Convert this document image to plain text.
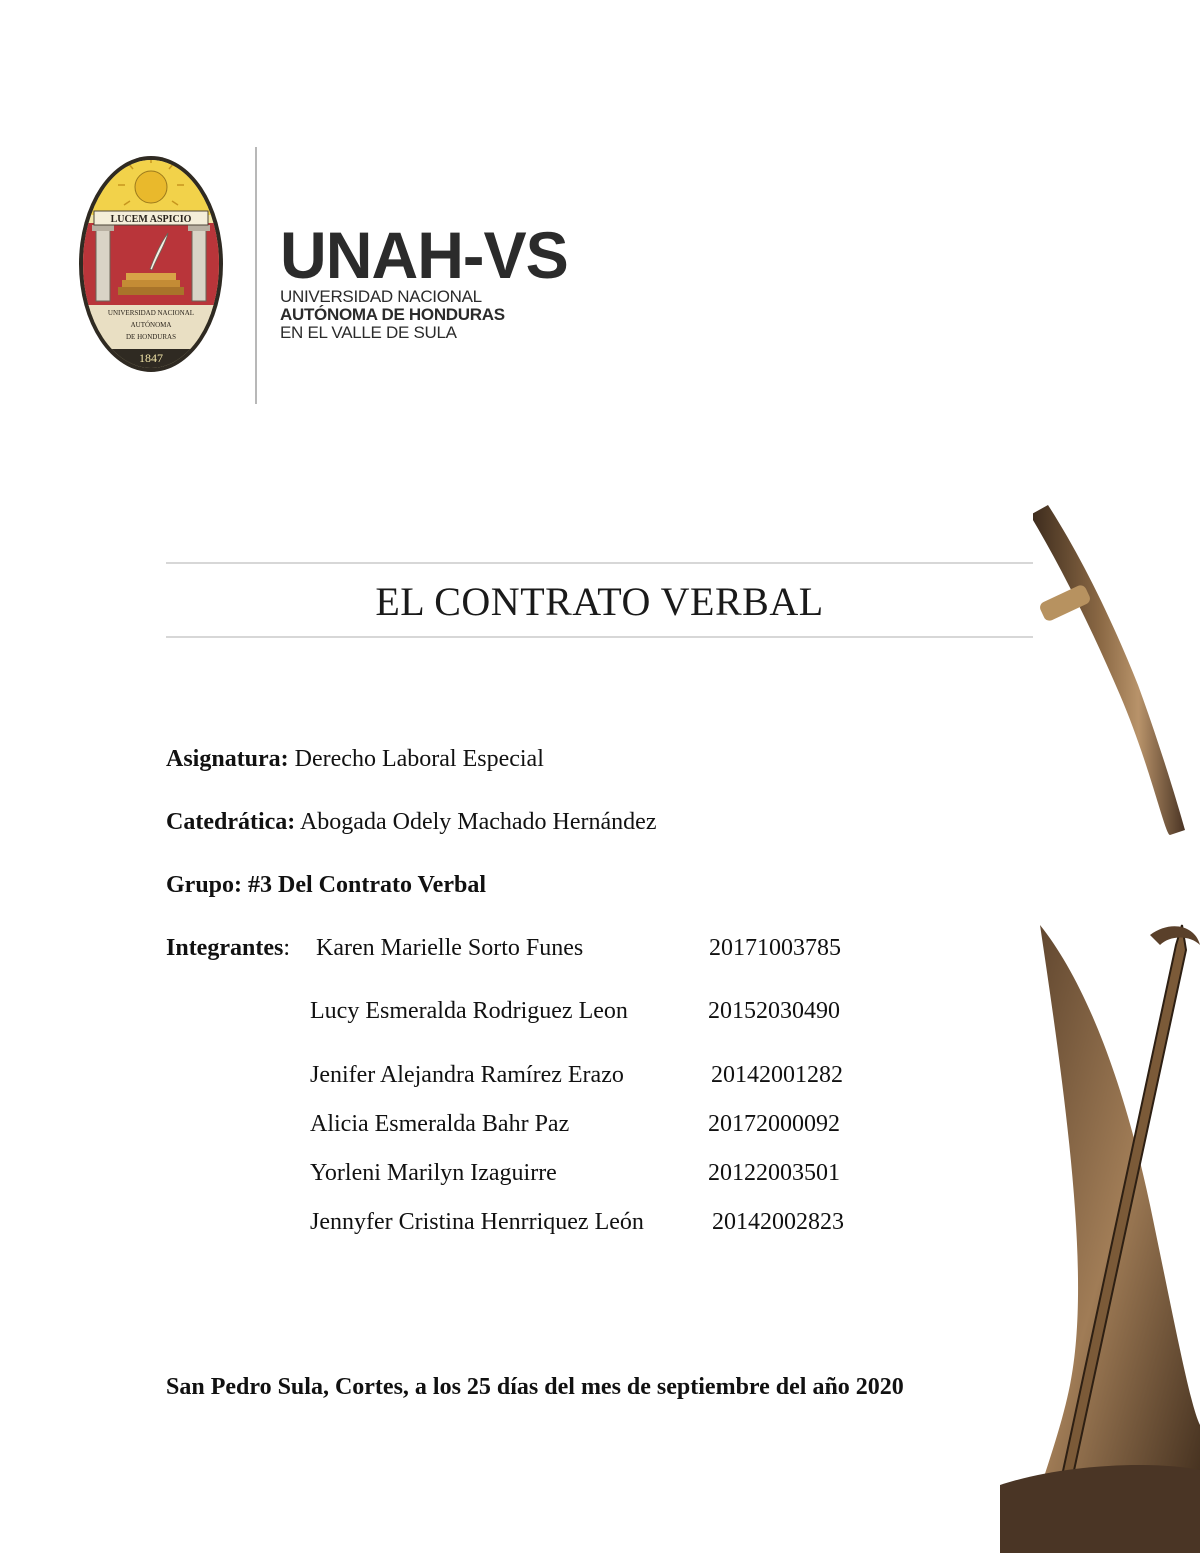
LUCEM ASPICIO
UNIVERSIDAD NACIONAL
AUTÓNOMA
DE HONDURAS
1847
UNAH-VS
UNIVERSIDAD NACIONAL
AUTÓNOMA DE HONDURAS
EN EL VALLE DE SULA
EL CONTRATO VERBAL
Asignatura: Derecho Laboral Especial
Catedrática: Abogada Odely Machado Hernández
Grupo: #3 Del Contrato Verbal
Integrantes: Karen Marielle Sorto Funes	20171003785
Lucy Esmeralda Rodriguez Leon	20152030490
Jenifer Alejandra Ramírez Erazo	20142001282
Alicia Esmeralda Bahr Paz	20172000092
Yorleni Marilyn Izaguirre	20122003501
Jennyfer Cristina Henrriquez León	20142002823
San Pedro Sula, Cortes, a los 25 días del mes de septiembre del año 2020
